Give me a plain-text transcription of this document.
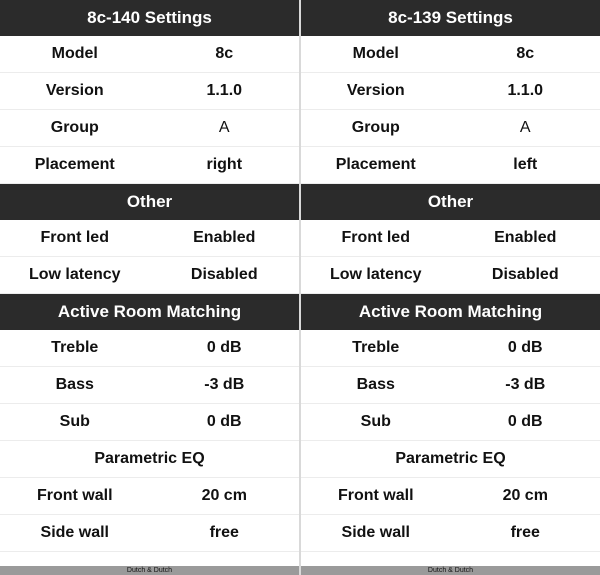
8c-140 Settings
Model	8c
Version	1.1.0
Group	A
Placement	right
Other
Front led	Enabled
Low latency	Disabled
Active Room Matching
Treble	0 dB
Bass	-3 dB
Sub	0 dB
Parametric EQ
Front wall	20 cm
Side wall	free
Dutch & Dutch
8c-139 Settings
Model	8c
Version	1.1.0
Group	A
Placement	left
Other
Front led	Enabled
Low latency	Disabled
Active Room Matching
Treble	0 dB
Bass	-3 dB
Sub	0 dB
Parametric EQ
Front wall	20 cm
Side wall	free
Dutch & Dutch
